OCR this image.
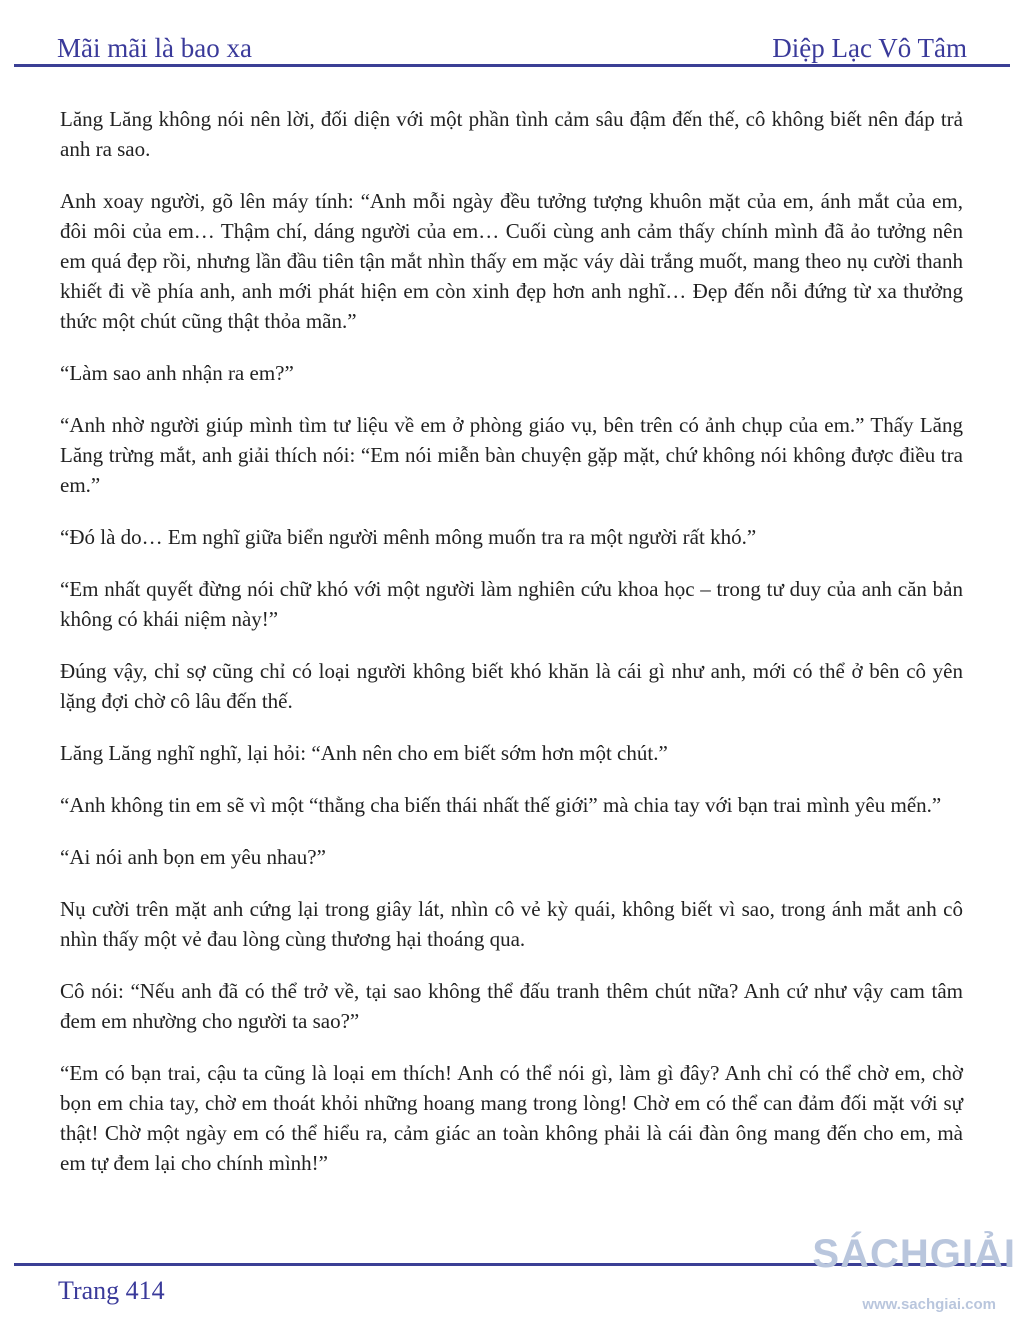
Mãi mãi là bao xa	Diệp Lạc Vô Tâm

Lăng Lăng không nói nên lời, đối diện với một phần tình cảm sâu đậm đến thế, cô không biết nên đáp trả anh ra sao.

Anh xoay người, gõ lên máy tính: “Anh mỗi ngày đều tưởng tượng khuôn mặt của em, ánh mắt của em, đôi môi của em… Thậm chí, dáng người của em… Cuối cùng anh cảm thấy chính mình đã ảo tưởng nên em quá đẹp rồi, nhưng lần đầu tiên tận mắt nhìn thấy em mặc váy dài trắng muốt, mang theo nụ cười thanh khiết đi về phía anh, anh mới phát hiện em còn xinh đẹp hơn anh nghĩ… Đẹp đến nỗi đứng từ xa thưởng thức một chút cũng thật thỏa mãn.”

“Làm sao anh nhận ra em?”

“Anh nhờ người giúp mình tìm tư liệu về em ở phòng giáo vụ, bên trên có ảnh chụp của em.” Thấy Lăng Lăng trừng mắt, anh giải thích nói: “Em nói miễn bàn chuyện gặp mặt, chứ không nói không được điều tra em.”

“Đó là do… Em nghĩ giữa biển người mênh mông muốn tra ra một người rất khó.”

“Em nhất quyết đừng nói chữ khó với một người làm nghiên cứu khoa học – trong tư duy của anh căn bản không có khái niệm này!”

Đúng vậy, chỉ sợ cũng chỉ có loại người không biết khó khăn là cái gì như anh, mới có thể ở bên cô yên lặng đợi chờ cô lâu đến thế.

Lăng Lăng nghĩ nghĩ, lại hỏi: “Anh nên cho em biết sớm hơn một chút.”

“Anh không tin em sẽ vì một “thằng cha biến thái nhất thế giới” mà chia tay với bạn trai mình yêu mến.”

“Ai nói anh bọn em yêu nhau?”

Nụ cười trên mặt anh cứng lại trong giây lát, nhìn cô vẻ kỳ quái, không biết vì sao, trong ánh mắt anh cô nhìn thấy một vẻ đau lòng cùng thương hại thoáng qua.

Cô nói: “Nếu anh đã có thể trở về, tại sao không thể đấu tranh thêm chút nữa? Anh cứ như vậy cam tâm đem em nhường cho người ta sao?”

“Em có bạn trai, cậu ta cũng là loại em thích! Anh có thể nói gì, làm gì đây? Anh chỉ có thể chờ em, chờ bọn em chia tay, chờ em thoát khỏi những hoang mang trong lòng! Chờ em có thể can đảm đối mặt với sự thật! Chờ một ngày em có thể hiểu ra, cảm giác an toàn không phải là cái đàn ông mang đến cho em, mà em tự đem lại cho chính mình!”

Trang 414
SÁCHGIẢI
www.sachgiai.com
